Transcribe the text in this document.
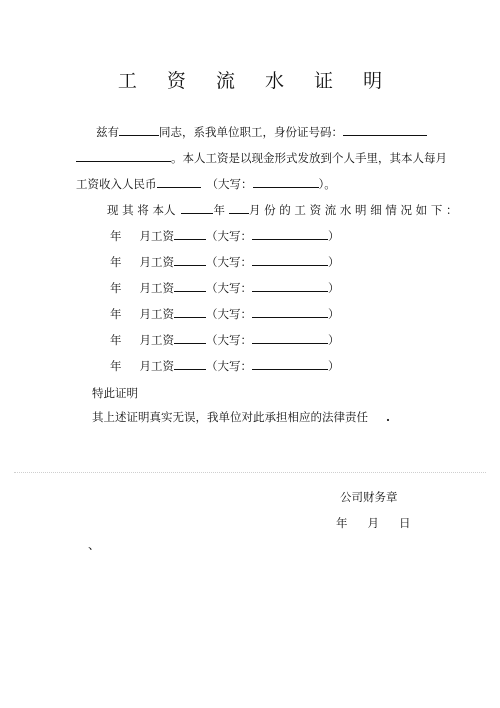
工 资 流 水 证 明
兹有	同志，系我单位职工，身份证号码：
。本人工资是以现金形式发放到个人手里，其本人每月
工资收入人民币	（大写：	）。
现 其 将 本人	年 月 份 的 工 资 流 水 明 细 情 况 如 下 ：
年 月工资	（大写：	）
年 月工资	（大写：	）
年 月工资	（大写：	）
年 月工资	（大写：	）
年 月工资	（大写：	）
年 月工资	（大写：	）
特此证明
其上述证明真实无误，我单位对此承担相应的法律责任 .
公司财务章
年 月 日
、
